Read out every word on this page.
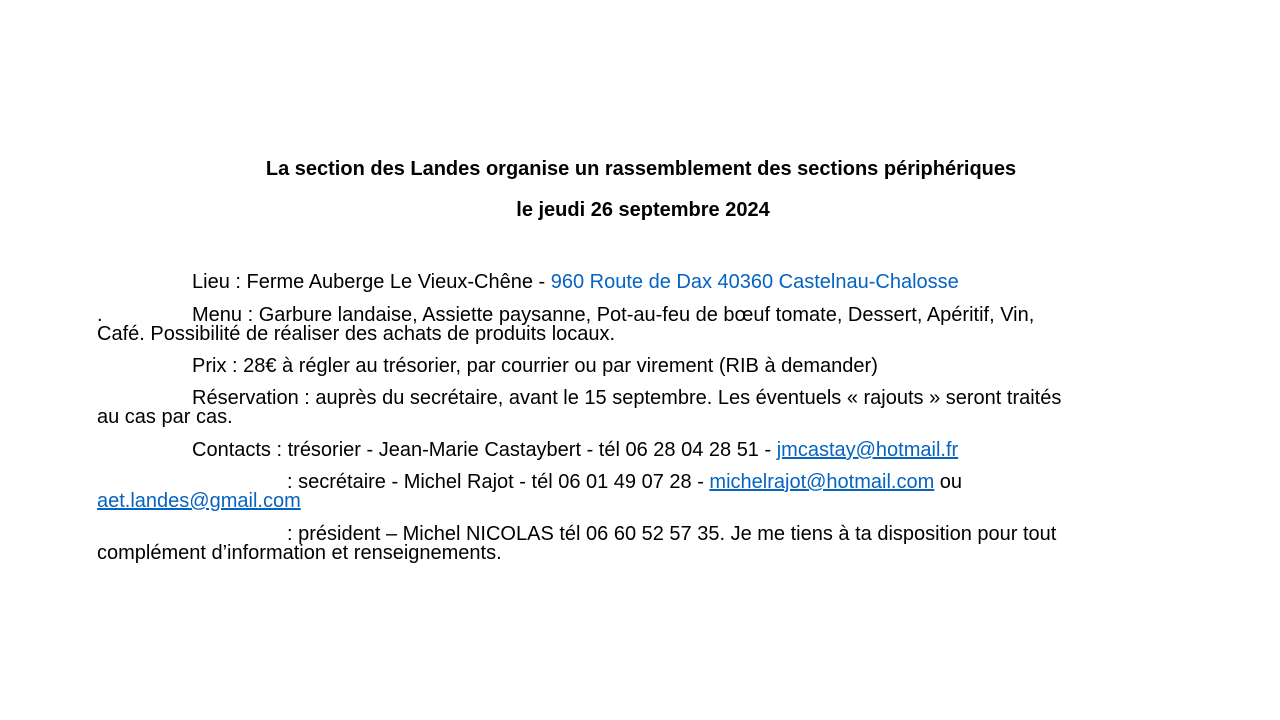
La section des Landes organise un rassemblement des sections périphériques
le jeudi 26 septembre 2024
Lieu : Ferme Auberge Le Vieux-Chêne - 960 Route de Dax 40360 Castelnau-Chalosse
.	Menu : Garbure landaise, Assiette paysanne, Pot-au-feu de bœuf tomate, Dessert, Apéritif, Vin,
Café. Possibilité de réaliser des achats de produits locaux.
Prix : 28€ à régler au trésorier, par courrier ou par virement (RIB à demander)
Réservation : auprès du secrétaire, avant le 15 septembre. Les éventuels « rajouts » seront traités
au cas par cas.
Contacts : trésorier - Jean-Marie Castaybert - tél 06 28 04 28 51 - jmcastay@hotmail.fr
: secrétaire - Michel Rajot - tél 06 01 49 07 28 - michelrajot@hotmail.com ou
aet.landes@gmail.com
: président – Michel NICOLAS tél 06 60 52 57 35. Je me tiens à ta disposition pour tout
complément d’information et renseignements.
